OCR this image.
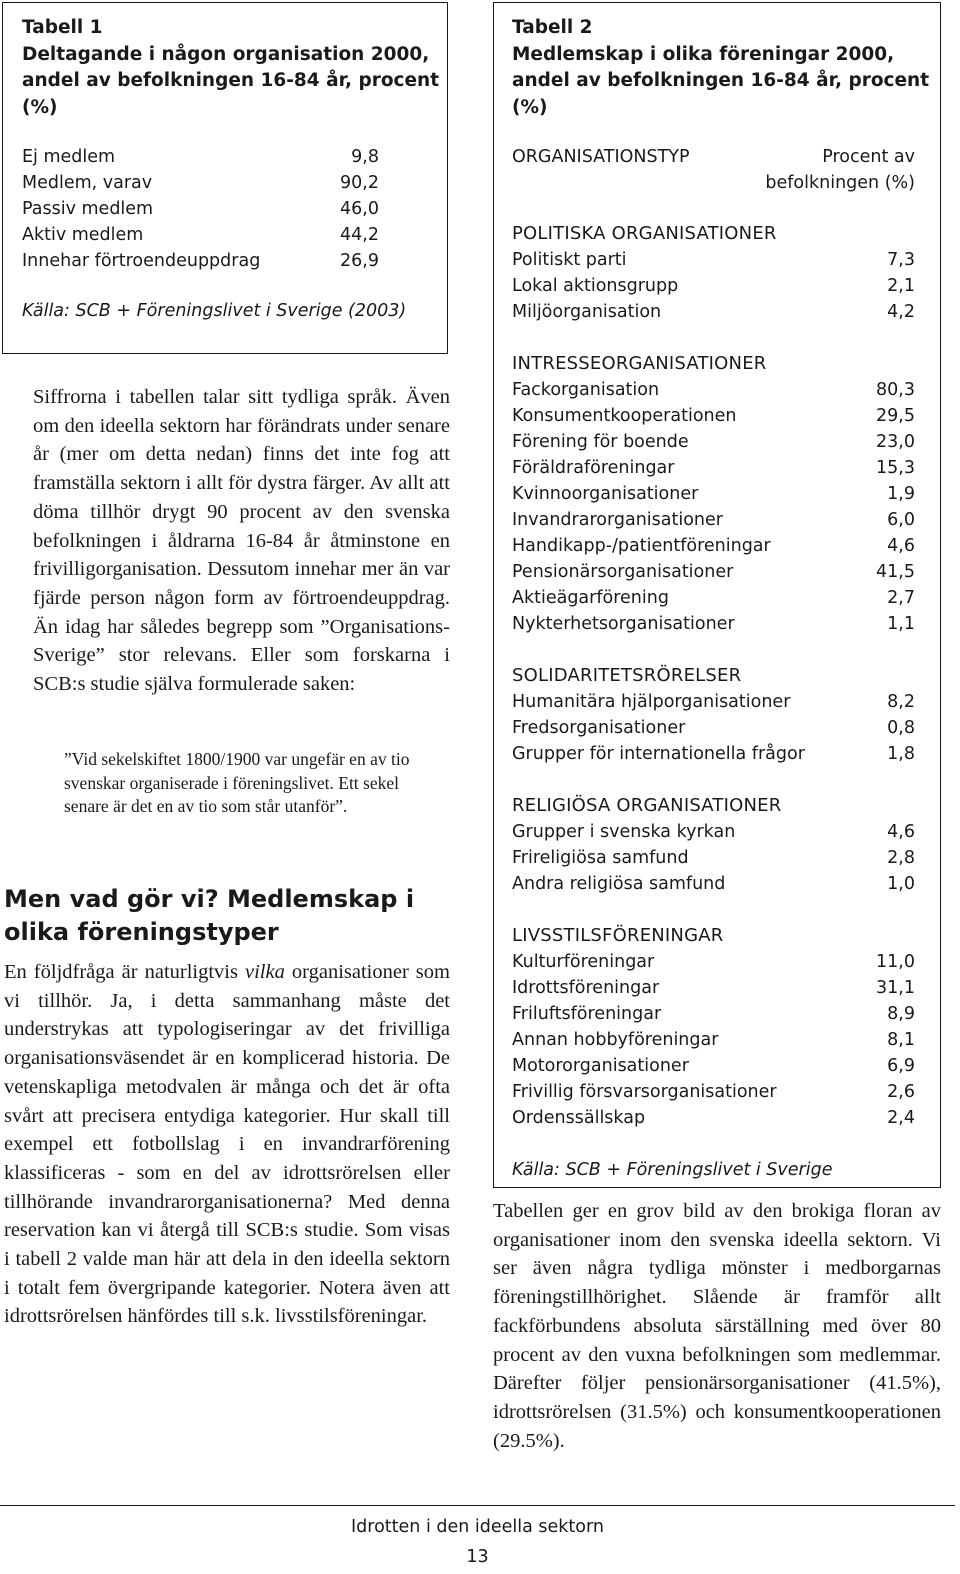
Tabell 1
Deltagande i någon organisation 2000,
andel av befolkningen 16-84 år, procent
(%)
Ej medlem	9,8
Medlem, varav	90,2
Passiv medlem	46,0
Aktiv medlem	44,2
Innehar förtroendeuppdrag	26,9
Källa: SCB + Föreningslivet i Sverige (2003)
Tabell 2
Medlemskap i olika föreningar 2000,
andel av befolkningen 16-84 år, procent
(%)
ORGANISATIONSTYP	Procent av
befolkningen (%)
POLITISKA ORGANISATIONER
Politiskt parti	7,3
Lokal aktionsgrupp	2,1
Miljöorganisation	4,2
INTRESSEORGANISATIONER
Fackorganisation	80,3
Konsumentkooperationen	29,5
Förening för boende	23,0
Föräldraföreningar	15,3
Kvinnoorganisationer	1,9
Invandrarorganisationer	6,0
Handikapp-/patientföreningar	4,6
Pensionärsorganisationer	41,5
Aktieägarförening	2,7
Nykterhetsorganisationer	1,1
SOLIDARITETSRÖRELSER
Humanitära hjälporganisationer	8,2
Fredsorganisationer	0,8
Grupper för internationella frågor	1,8
RELIGIÖSA ORGANISATIONER
Grupper i svenska kyrkan	4,6
Frireligiösa samfund	2,8
Andra religiösa samfund	1,0
LIVSSTILSFÖRENINGAR
Kulturföreningar	11,0
Idrottsföreningar	31,1
Friluftsföreningar	8,9
Annan hobbyföreningar	8,1
Motororganisationer	6,9
Frivillig försvarsorganisationer	2,6
Ordenssällskap	2,4
Källa: SCB + Föreningslivet i Sverige
Siffrorna i tabellen talar sitt tydliga språk. Även om den ideella sektorn har förändrats under senare år (mer om detta nedan) finns det inte fog att framställa sektorn i allt för dystra färger. Av allt att döma tillhör drygt 90 procent av den svenska befolkningen i åldrarna 16-84 år åtminstone en frivilligorganisation. Dessutom innehar mer än var fjärde person någon form av förtroendeuppdrag. Än idag har således begrepp som ”Organisations-Sverige” stor relevans. Eller som forskarna i SCB:s studie själva formulerade saken:
”Vid sekelskiftet 1800/1900 var ungefär en av tio svenskar organiserade i föreningslivet. Ett sekel senare är det en av tio som står utanför”.
Men vad gör vi? Medlemskap i olika föreningstyper
En följdfråga är naturligtvis vilka organisationer som vi tillhör. Ja, i detta sammanhang måste det understrykas att typologiseringar av det frivilliga organisationsväsendet är en komplicerad historia. De vetenskapliga metodvalen är många och det är ofta svårt att precisera entydiga kategorier. Hur skall till exempel ett fotbollslag i en invandrarförening klassificeras - som en del av idrottsrörelsen eller tillhörande invandrarorganisationerna? Med denna reservation kan vi återgå till SCB:s studie. Som visas i tabell 2 valde man här att dela in den ideella sektorn i totalt fem övergripande kategorier. Notera även att idrottsrörelsen hänfördes till s.k. livsstilsföreningar.
Tabellen ger en grov bild av den brokiga floran av organisationer inom den svenska ideella sektorn. Vi ser även några tydliga mönster i medborgarnas föreningstillhörighet. Slående är framför allt fackförbundens absoluta särställning med över 80 procent av den vuxna befolkningen som medlemmar. Därefter följer pensionärsorganisationer (41.5%), idrottsrörelsen (31.5%) och konsumentkooperationen (29.5%).
Idrotten i den ideella sektorn
13
